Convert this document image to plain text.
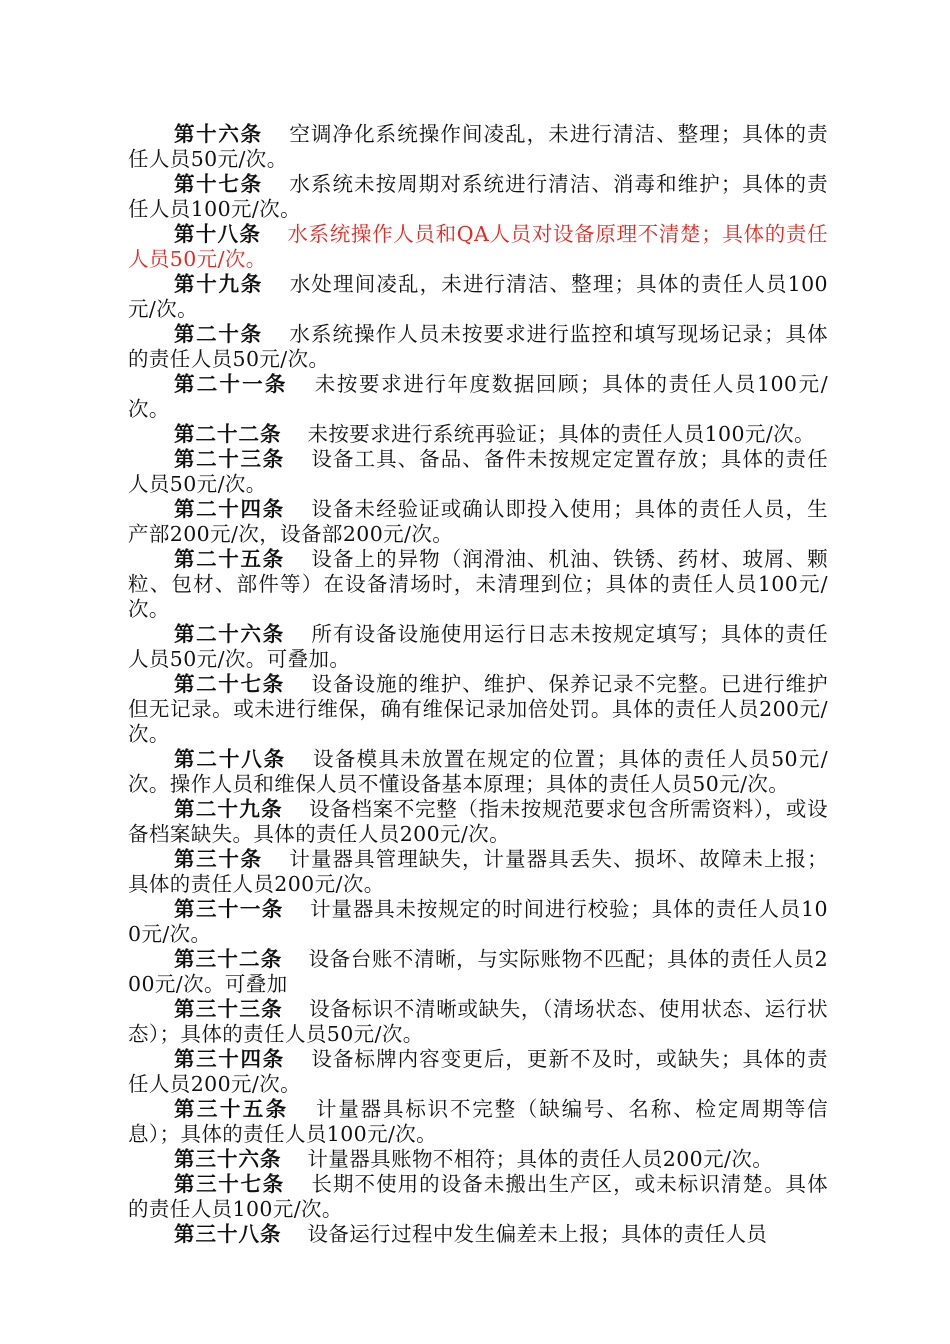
第十六条 空调净化系统操作间凌乱，未进行清洁、整理；具体的责任人员50元/次。

第十七条 水系统未按周期对系统进行清洁、消毒和维护；具体的责任人员100元/次。

第十八条 水系统操作人员和QA人员对设备原理不清楚；具体的责任人员50元/次。

第十九条 水处理间凌乱，未进行清洁、整理；具体的责任人员100元/次。

第二十条 水系统操作人员未按要求进行监控和填写现场记录；具体的责任人员50元/次。

第二十一条 未按要求进行年度数据回顾；具体的责任人员100元/次。

第二十二条 未按要求进行系统再验证；具体的责任人员100元/次。

第二十三条 设备工具、备品、备件未按规定定置存放；具体的责任人员50元/次。

第二十四条 设备未经验证或确认即投入使用；具体的责任人员，生产部200元/次，设备部200元/次。

第二十五条 设备上的异物（润滑油、机油、铁锈、药材、玻屑、颗粒、包材、部件等）在设备清场时，未清理到位；具体的责任人员100元/次。

第二十六条 所有设备设施使用运行日志未按规定填写；具体的责任人员50元/次。可叠加。

第二十七条 设备设施的维护、维护、保养记录不完整。已进行维护但无记录。或未进行维保，确有维保记录加倍处罚。具体的责任人员200元/次。

第二十八条 设备模具未放置在规定的位置；具体的责任人员50元/次。操作人员和维保人员不懂设备基本原理；具体的责任人员50元/次。

第二十九条 设备档案不完整（指未按规范要求包含所需资料），或设备档案缺失。具体的责任人员200元/次。

第三十条 计量器具管理缺失，计量器具丢失、损坏、故障未上报；具体的责任人员200元/次。

第三十一条 计量器具未按规定的时间进行校验；具体的责任人员100元/次。

第三十二条 设备台账不清晰，与实际账物不匹配；具体的责任人员200元/次。可叠加

第三十三条 设备标识不清晰或缺失，（清场状态、使用状态、运行状态）；具体的责任人员50元/次。

第三十四条 设备标牌内容变更后，更新不及时，或缺失；具体的责任人员200元/次。

第三十五条 计量器具标识不完整（缺编号、名称、检定周期等信息）；具体的责任人员100元/次。

第三十六条 计量器具账物不相符；具体的责任人员200元/次。

第三十七条 长期不使用的设备未搬出生产区，或未标识清楚。具体的责任人员100元/次。

第三十八条 设备运行过程中发生偏差未上报；具体的责任人员
